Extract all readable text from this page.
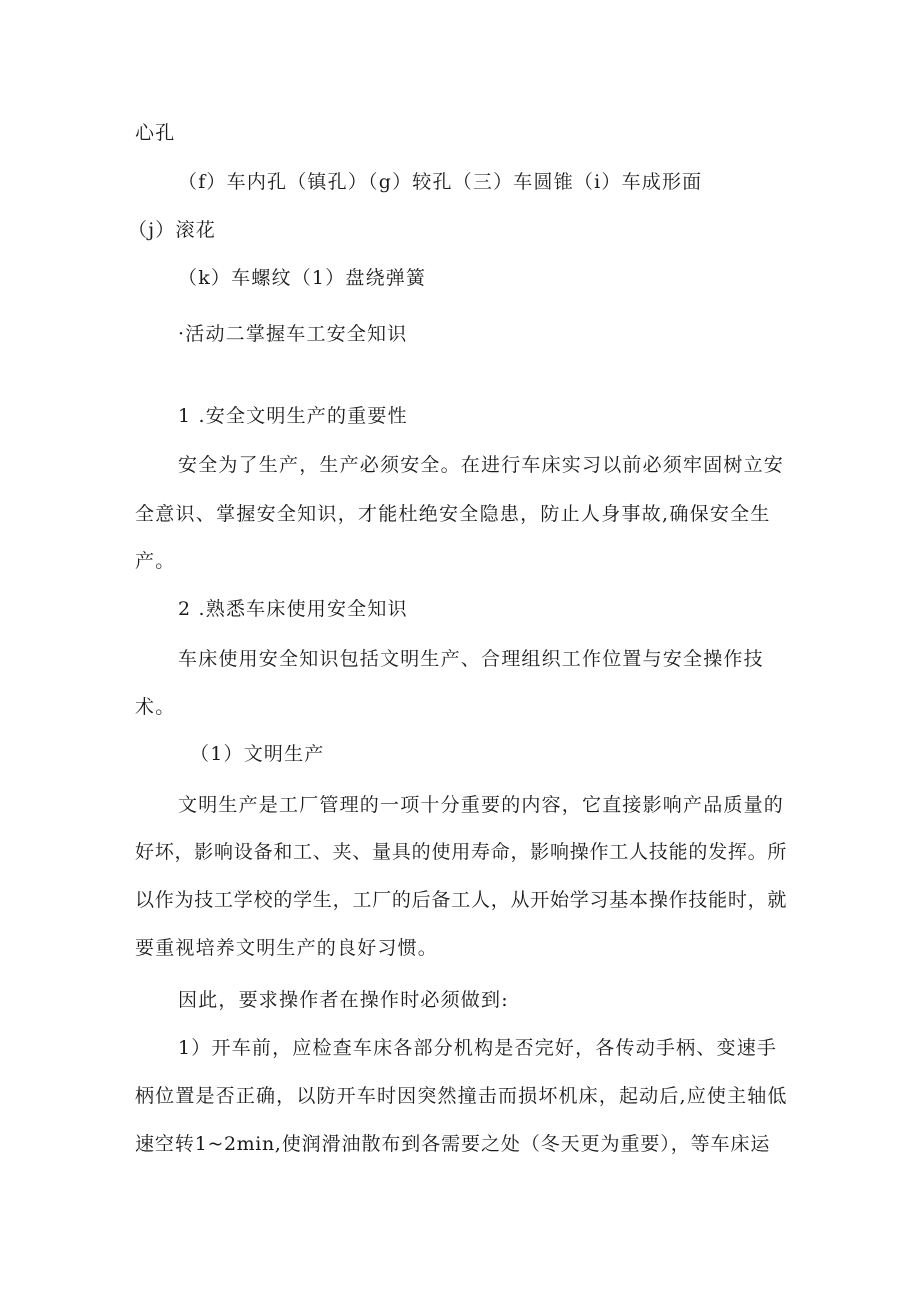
心孔
（f）车内孔（镇孔）（g）较孔（三）车圆锥（i）车成形面
（j）滚花
（k）车螺纹（1）盘绕弹簧
·活动二掌握车工安全知识
1 .安全文明生产的重要性
安全为了生产，生产必须安全。在进行车床实习以前必须牢固树立安
全意识、掌握安全知识，才能杜绝安全隐患，防止人身事故,确保安全生
产。
2 .熟悉车床使用安全知识
车床使用安全知识包括文明生产、合理组织工作位置与安全操作技
术。
（1）文明生产
文明生产是工厂管理的一项十分重要的内容，它直接影响产品质量的
好坏，影响设备和工、夹、量具的使用寿命，影响操作工人技能的发挥。所
以作为技工学校的学生，工厂的后备工人，从开始学习基本操作技能时，就
要重视培养文明生产的良好习惯。
因此，要求操作者在操作时必须做到:
1）开车前，应检查车床各部分机构是否完好，各传动手柄、变速手
柄位置是否正确，以防开车时因突然撞击而损坏机床，起动后,应使主轴低
速空转1~2min,使润滑油散布到各需要之处（冬天更为重要），等车床运
